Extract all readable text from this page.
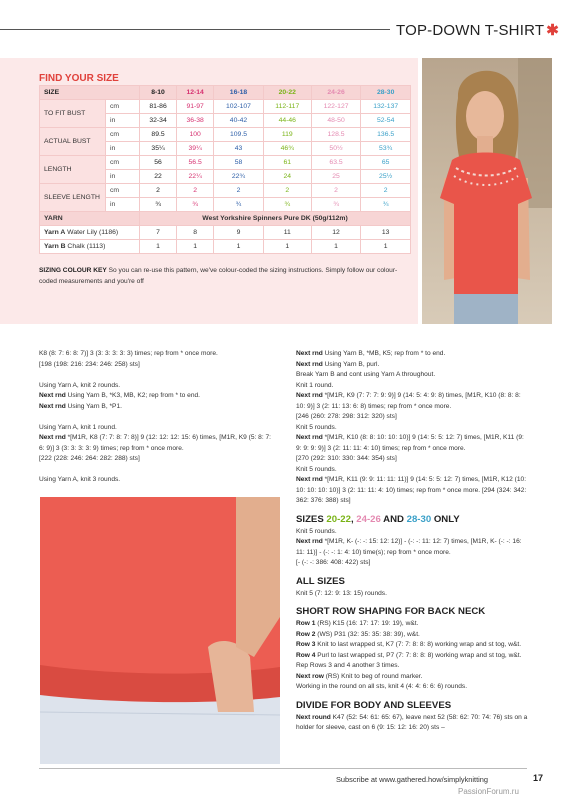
TOP-DOWN T-SHIRT ✱
FIND YOUR SIZE
SIZE		8-10	12-14	16-18	20-22	24-26	28-30
TO FIT BUST	cm	81-86	91-97	102-107	112-117	122-127	132-137
	in	32-34	36-38	40-42	44-46	48-50	52-54
ACTUAL BUST	cm	89.5	100	109.5	119	128.5	136.5
	in	35¼	39¼	43	46¾	50½	53¾
LENGTH	cm	56	56.5	58	61	63.5	65
	in	22	22¼	22¾	24	25	25½
SLEEVE LENGTH	cm	2	2	2	2	2	2
	in	¾	¾	¾	¾	¾	¾
YARN		West Yorkshire Spinners Pure DK (50g/112m)					
Yarn A Water Lily (1186)		7	8	9	11	12	13
Yarn B Chalk (1113)		1	1	1	1	1	1
SIZING COLOUR KEY So you can re-use this pattern, we've colour-coded the sizing instructions. Simply follow our colour-coded measurements and you're off

K8 (8: 7: 6: 8: 7)] 3 (3: 3: 3: 3: 3) times; rep from * once more.

[198 (198: 216: 234: 246: 258) sts]

Using Yarn A, knit 2 rounds.

Next rnd Using Yarn B, *K3, MB, K2; rep from * to end.

Next rnd Using Yarn B, *P1.

Using Yarn A, knit 1 round.

Next rnd *[M1R, K8 (7: 7: 8: 7: 8)] 9 (12: 12: 12: 15: 6) times, [M1R, K9 (5: 8: 7: 6: 9)] 3 (3: 3: 3: 3: 9) times; rep from * once more.

[222 (228: 246: 264: 282: 288) sts]

Using Yarn A, knit 3 rounds.

Next rnd Using Yarn B, *MB, K5; rep from * to end.

Next rnd Using Yarn B, purl.

Break Yarn B and cont using Yarn A throughout.

Knit 1 round.

Next rnd *[M1R, K9 (7: 7: 7: 9: 9)] 9 (14: 5: 4: 9: 8) times, [M1R, K10 (8: 8: 8: 10: 9)] 3 (2: 11: 13: 6: 8) times; rep from * once more.

[246 (260: 278: 298: 312: 320) sts]

Knit 5 rounds.

Next rnd *[M1R, K10 (8: 8: 10: 10: 10)] 9 (14: 5: 5: 12: 7) times, [M1R, K11 (9: 9: 9: 9: 9)] 3 (2: 11: 11: 4: 10) times; rep from * once more.

[270 (292: 310: 330: 344: 354) sts]

Knit 5 rounds.

Next rnd *[M1R, K11 (9: 9: 11: 11: 11)] 9 (14: 5: 5: 12: 7) times, [M1R, K12 (10: 10: 10: 10: 10)] 3 (2: 11: 11: 4: 10) times; rep from * once more. [294 (324: 342: 362: 376: 388) sts]

SIZES 20-22, 24-26 AND 28-30 ONLY

Knit 5 rounds.

Next rnd *[M1R, K- (-: -: 15: 12: 12)] - (-: -: 11: 12: 7) times, [M1R, K- (-: -: 16: 11: 11)] - (-: -: 1: 4: 10) time(s); rep from * once more.

[- (-: -: 386: 408: 422) sts]

ALL SIZES

Knit 5 (7: 12: 9: 13: 15) rounds.

SHORT ROW SHAPING FOR BACK NECK

Row 1 (RS) K15 (16: 17: 17: 19: 19), w&t.

Row 2 (WS) P31 (32: 35: 35: 38: 39), w&t.

Row 3 Knit to last wrapped st, K7 (7: 7: 8: 8: 8) working wrap and st tog, w&t.

Row 4 Purl to last wrapped st, P7 (7: 7: 8: 8: 8) working wrap and st tog, w&t.

Rep Rows 3 and 4 another 3 times.

Next row (RS) Knit to beg of round marker.

Working in the round on all sts, knit 4 (4: 4: 6: 6: 6) rounds.

DIVIDE FOR BODY AND SLEEVES

Next round K47 (52: 54: 61: 65: 67), leave next 52 (58: 62: 70: 74: 76) sts on a holder for sleeve, cast on 6 (9: 15: 12: 16: 20) sts –

Subscribe at www.gathered.how/simplyknitting	17
PassionForum.ru
